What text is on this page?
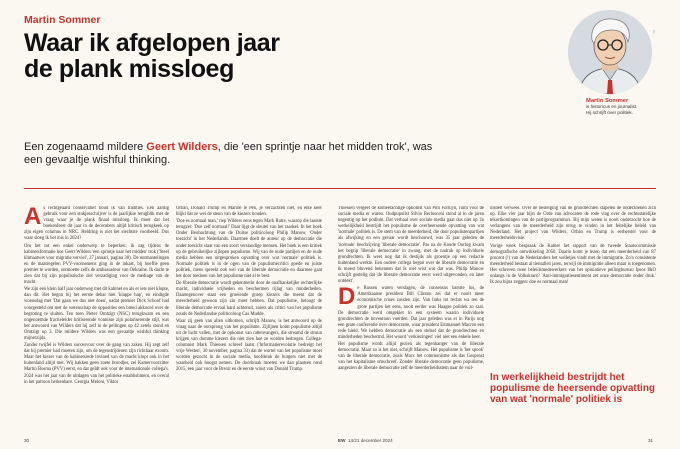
Martin Sommer
Waar ik afgelopen jaar
de plank missloeg

Een zogenaamd mildere Geert Wilders, die 'een sprintje naar het midden trok', was een gevaaltje wishful thinking.

iFL
Martin Sommer
is historicus en journalist.
Hij schrijft over politiek.
A s rechtgeaard conservatief houd ik van tradities. Een aardig gebruik voor een stukjesschrijver is de jaarlijkse terugblik met de vraag waar je de plank finaal missloeg. Ik moet dat het boekenfeest dit jaar in de decembers altijd kritisch terugkeek op zijn eigen columns in NRC. Heldring is niet het slechtste voorbeeld. Dus waar sloeg ik het mis in 2024?

Om het tot een enkel onderwerp te beperken: ik zag tijdens de kabinetsformatie hoe Geert Wilders 'een sprintje naar het midden' trok ('Steel klimaatwet voor migratie verviel', 27 januari, pagina 30). De ontmantelingen en de maatregelen PVV-voornemens ging in de inkast, bij hoeflie geen premier te worden, ontmoette zelfs de ambassadeur van Oekraïne. Ik dacht te zien dat bij zijn populistische ziel verzadiging voor de mediage van de macht.

We zijn een klein half jaar onderweg met dit kabinet en als er iets niet klopte, dan dit. Het begon bij het eerste debat met 'klappe hap', en eindigde woensdag met 'Dat gaan we dus niet doen', nadat premier Dick Schoof had voorgesteld om met de wetenschap de opposities een breed akkoord over de begroting te sluiten. Ten toen Pieter Omtzigt (NSC) terugkwam en een ongenoemde fractieleider kritiserende vonnisse zijn polariserende stijl, was het antwoord van Wilders dat hij zelf in de peilingen op 42 zetels stond en Omtzigt op 3. Die mildere Wilders was een gevaaltje wishful thinking mijnerzijds.

Zonder twijfel is Wilders succesvoor over de gang van zaken. Hij zegt zelf dat hij premier had moeten zijn, om de tegenstrijdenen zijn richthaar exoom. Maar het kiezer van de kabinetsrede invloed van de macht klopt ook in het buitenland altijd met. Wij bakken geen zoete broodjes, zei Kamervoorzitter Martin Bosma (PVV) eerst, en dat geldt ook voor de internationale collega's. 2024 was het jaar van de uitdagen van het politieke establishment, en overal in het patroon herkenbare. Georgia Meloni, Viktor

Orbán, Donald Trump en Marine le Pen, je verzachten niet, en elke keer blijkt dat ze wel de steun van de kiezers houden.

'Doe es normaal man,' riep Wilders eens tegen Mark Rutte, waarop die laatste terugzei: 'Doe zelf normaal!' Daar lijgt de sleutel van het raadsel. In het boek Onder Beobachtung van de Duitse politicoloog Philip Manow, 'Onder toezicht' in het Nederlands. Daarmee doelt de auteur op de democratie die onder toezicht staat van een soort verstandige mensen. Het boek is een kritiek op de gebruikelijke zijlopen populisme. Wij van de oude partijen en de oude media hebben een uitgesproken opvatting over wat 'normale' politiek is. Normale politiek is in de ogen van de populismecritici goede en juiste politiek, mens spreekt ook wel van de liberale democratie en daarmee gaat het door toedoen van het populisme niet al te best.

De liberale democratie wordt gekenmerkt door de onafhankelijke rechterlijke macht, individuele vrijheden en beschermen rijlag van minderheden. Daartegenover staat een groeiende groep kiezers die meent dat de meerderheid gewoon zijn zin moet hebben. Dat populisme, betoogt de liberale democratie ervaal hard achteruit, zoiets als critici van het populisme zouds de Nederlandse politicoloog Cas Mudde.

Waar zij geen van allen uitkomen, schrijft Manow, is het antwoord op de vraag naar de oorsprong van het populisme. Zijlijnen komt populisme altijd uit de lucht vallen, met de opkomst van rattenvangers, die streamd de struun krijgen van domme kiezers die niet zien hoe ze worden bedrogen. Collega-columnist Mark Thiessen schreef laatst ('Informatierevolutie bedreigt het vrije Westen', 30 november, pagina 33) dat de wortel van het populisme moet worden gezocht in de sociale media, hoofdstuk de burgers niet met de waarheid ook hoogst nemen. De doorbraak moeten we dan plaatsen rond 2015, een jaar voor de Brexit en de eerste winst van Donald Trump.

Thiessen vergeet de komeetachtige opkomst van Pim Fortuyn, ruim voor de sociale media er waren. Oudpupulist Silvio Berlusconi stond al in de jaren negentig op het podium. Dat verhaal over sociale media gaat dus niet op. In werkelijkheid bestrijdt het populisme de overheersende opvatting van wat 'normale' politiek is. De stem van de meerderheid, die door populistenpartijen als afwijking en een gevaar wordt beschouwd, was 35 jaar geleden de 'normale' beschrijving 'liberale democratie'. Pas na de Koude Oorlog kwam het begrip 'liberale democratie' in zwang, met de nadruk op individuele grondrechten. Ik weet nog dat ik destijds als groentje op een redactie buitenland werkte. Een oudere collega begon over de liberale democratie en ik moest bluvend bekennen dat ik niet wist wat dat was. Philip Manow schrijft gestelig dat 'de liberale democratie eerst werd uitgevonden, en later ontdekt'.

De Russen waren verslagen, de consensus barstte los, de Amerikaanse president Bill Clinton zei dat er nooit meer economische crises zouden zijn. Van links tot rechts wa ren de grote partijen het eens, nooit eerder was Haagse politiek zo saai. De democratie werd omgekiet in een systeem waarin individuele grondrechten de boventoon voerden. Dat jaar geleden was er in Parijs nog een grote conferentie over democratie, waar president Emmanuel Macron een rede hield. We hebben democratie als een stelsel dat de grondrechten en minderheden beschermd. Het woord 'verkiezingen' viel niet een enkele keer.

Het populisme wordt altijd gezien als tegenhanger van de liberale democratie. Maar zo is het niet, schrijft Manow. Het populisme is 'het spook' van de liberale democratie, zoals Marx het communisme als das Gespenst van het kapitalisme omschreef. Zonder liberale democratie geen populisme, aangezien de liberale democratie zelf de meerderheidsstem naar de vuil-

nisbelt verwees. Over de besteiging van de grondrechten stapelen de onderzoeken zich op. Elke vier jaar bijst de Orde van advocaten de rode vlag over de rechtsstatelijke tekortkomingen van de partijprogramma's. Bij mijn weten is nooit onderzocht hoe de verlangens van de meerderheid zijn terug te vinden in het feitelijke beleid van Nederland. Het project van Wilders, Orbán en Trump is eerherstel voor de meerderheidsvisie.

Vorige week bespraak de Kamer het rapport van de tweede Staatscommissie demografische ontwikkeling 2050. Daarin komt je lezen dat een meerderheid van 87 procent (!) van de Nederlanders het welletjes vindt met de immigratie. Zo'n consistente meerderheid bestaat al tientallen jaren, terwijl de immigratie alleen maar is toegenomen. Het schreven twee beleidsmedewerkers van het opiniatieve peilingbureau Ipsos I&O onlangs in de Volkskrant? 'Anti-immigratiesentiment zet onze democratie onder druk.' Ik zou bijna zeggen: doe es normaal man!

In werkelijkheid bestrijdt het populisme de heersende opvatting van wat 'normale' politiek is
30	EW 14/21 december 2024	31
